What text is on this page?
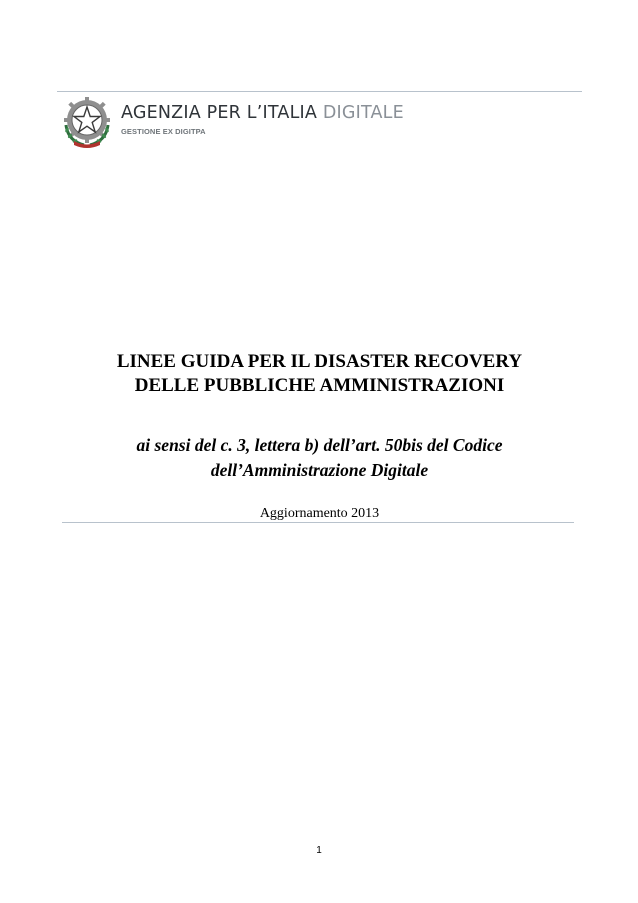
AGENZIA PER L’ITALIA DIGITALE
GESTIONE EX DIGITPA
LINEE GUIDA PER IL DISASTER RECOVERY
DELLE PUBBLICHE AMMINISTRAZIONI
ai sensi del c. 3, lettera b) dell’art. 50bis del Codice
dell’Amministrazione Digitale
Aggiornamento 2013
1
